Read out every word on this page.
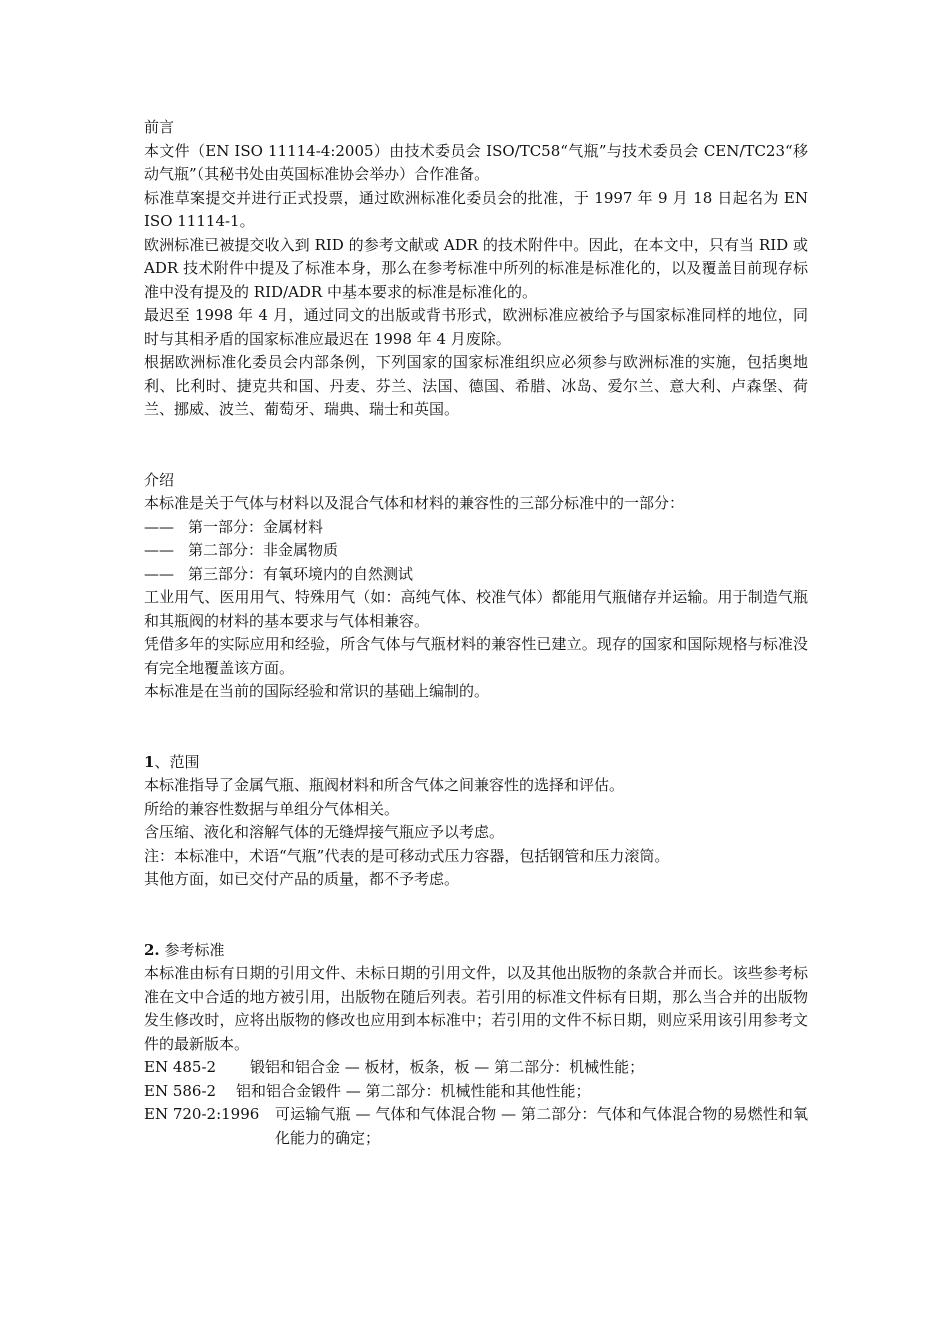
前言

本文件（EN ISO 11114-4:2005）由技术委员会 ISO/TC58“气瓶”与技术委员会 CEN/TC23“移动气瓶”（其秘书处由英国标准协会举办）合作准备。

标准草案提交并进行正式投票，通过欧洲标准化委员会的批准，于 1997 年 9 月 18 日起名为 EN ISO 11114-1。

欧洲标准已被提交收入到 RID 的参考文献或 ADR 的技术附件中。因此，在本文中，只有当 RID 或 ADR 技术附件中提及了标准本身，那么在参考标准中所列的标准是标准化的，以及覆盖目前现存标准中没有提及的 RID/ADR 中基本要求的标准是标准化的。

最迟至 1998 年 4 月，通过同文的出版或背书形式，欧洲标准应被给予与国家标准同样的地位，同时与其相矛盾的国家标准应最迟在 1998 年 4 月废除。

根据欧洲标准化委员会内部条例，下列国家的国家标准组织应必须参与欧洲标准的实施，包括奥地利、比利时、捷克共和国、丹麦、芬兰、法国、德国、希腊、冰岛、爱尔兰、意大利、卢森堡、荷兰、挪威、波兰、葡萄牙、瑞典、瑞士和英国。

介绍

本标准是关于气体与材料以及混合气体和材料的兼容性的三部分标准中的一部分：

—— 第一部分：金属材料

—— 第二部分：非金属物质

—— 第三部分：有氧环境内的自然测试

工业用气、医用用气、特殊用气（如：高纯气体、校准气体）都能用气瓶储存并运输。用于制造气瓶和其瓶阀的材料的基本要求与气体相兼容。

凭借多年的实际应用和经验，所含气体与气瓶材料的兼容性已建立。现存的国家和国际规格与标准没有完全地覆盖该方面。

本标准是在当前的国际经验和常识的基础上编制的。

1、范围

本标准指导了金属气瓶、瓶阀材料和所含气体之间兼容性的选择和评估。

所给的兼容性数据与单组分气体相关。

含压缩、液化和溶解气体的无缝焊接气瓶应予以考虑。

注：本标准中，术语“气瓶”代表的是可移动式压力容器，包括钢管和压力滚筒。

其他方面，如已交付产品的质量，都不予考虑。

2. 参考标准

本标准由标有日期的引用文件、未标日期的引用文件，以及其他出版物的条款合并而长。该些参考标准在文中合适的地方被引用，出版物在随后列表。若引用的标准文件标有日期，那么当合并的出版物发生修改时，应将出版物的修改也应用到本标准中；若引用的文件不标日期，则应采用该引用参考文件的最新版本。

EN 485-2	锻铝和铝合金 — 板材，板条，板 — 第二部分：机械性能；
EN 586-2	铝和铝合金锻件 — 第二部分：机械性能和其他性能；
EN 720-2:1996	可运输气瓶 — 气体和气体混合物 — 第二部分：气体和气体混合物的易燃性和氧化能力的确定；
